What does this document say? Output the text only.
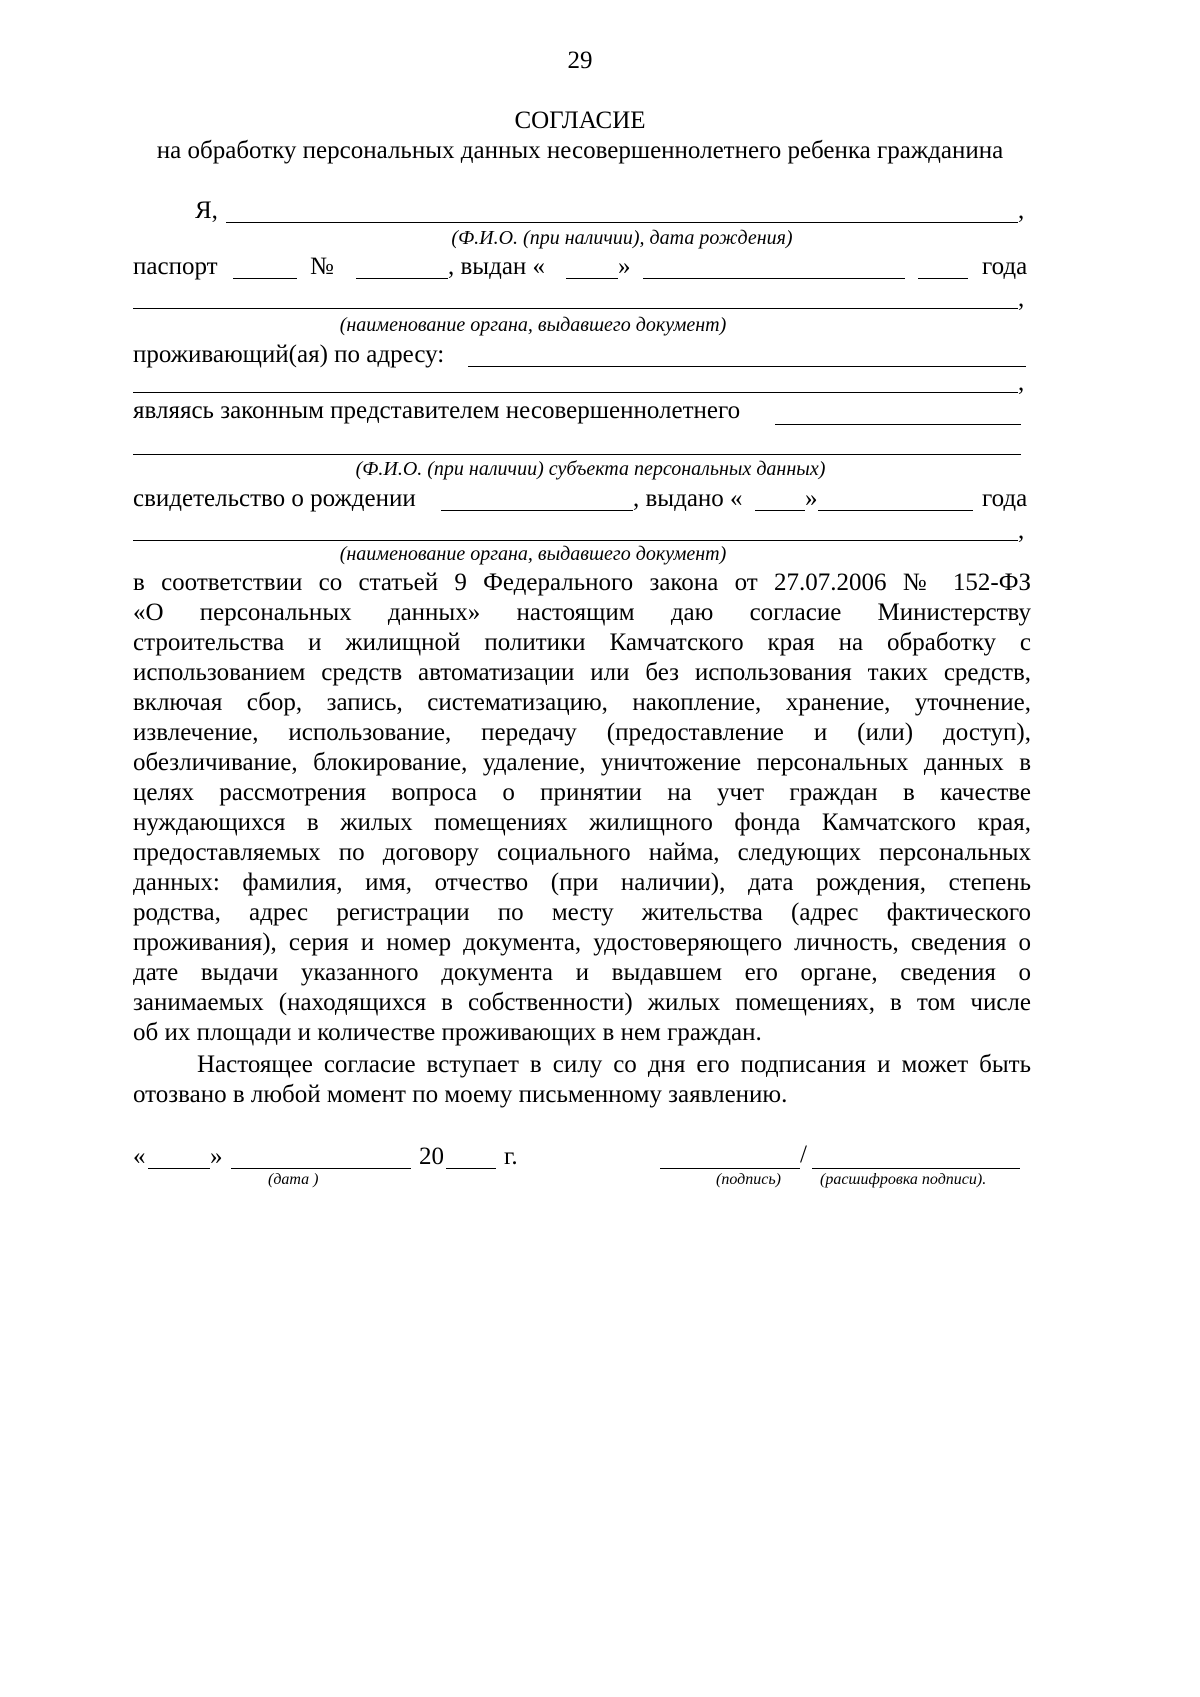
29
СОГЛАСИЕ
на обработку персональных данных несовершеннолетнего ребенка гражданина
Я,	,
(Ф.И.О. (при наличии), дата рождения)
паспорт	№	, выдан «	»	года
,
(наименование органа, выдавшего документ)
проживающий(ая) по адресу:
,
являясь законным представителем несовершеннолетнего
(Ф.И.О. (при наличии) субъекта персональных данных)
свидетельство о рождении	, выдано « »	года
,
(наименование органа, выдавшего документ)
в соответствии со статьей 9 Федерального закона от 27.07.2006 № 152-ФЗ
«О персональных данных» настоящим даю согласие Министерству
строительства и жилищной политики Камчатского края на обработку с
использованием средств автоматизации или без использования таких средств,
включая сбор, запись, систематизацию, накопление, хранение, уточнение,
извлечение, использование, передачу (предоставление и (или) доступ),
обезличивание, блокирование, удаление, уничтожение персональных данных в
целях рассмотрения вопроса о принятии на учет граждан в качестве
нуждающихся в жилых помещениях жилищного фонда Камчатского края,
предоставляемых по договору социального найма, следующих персональных
данных: фамилия, имя, отчество (при наличии), дата рождения, степень
родства, адрес регистрации по месту жительства (адрес фактического
проживания), серия и номер документа, удостоверяющего личность, сведения о
дате выдачи указанного документа и выдавшем его органе, сведения о
занимаемых (находящихся в собственности) жилых помещениях, в том числе
об их площади и количестве проживающих в нем граждан.
Настоящее согласие вступает в силу со дня его подписания и может быть
отозвано в любой момент по моему письменному заявлению.
«	»	20 г.
(дата )
/
(подпись) (расшифровка подписи).
